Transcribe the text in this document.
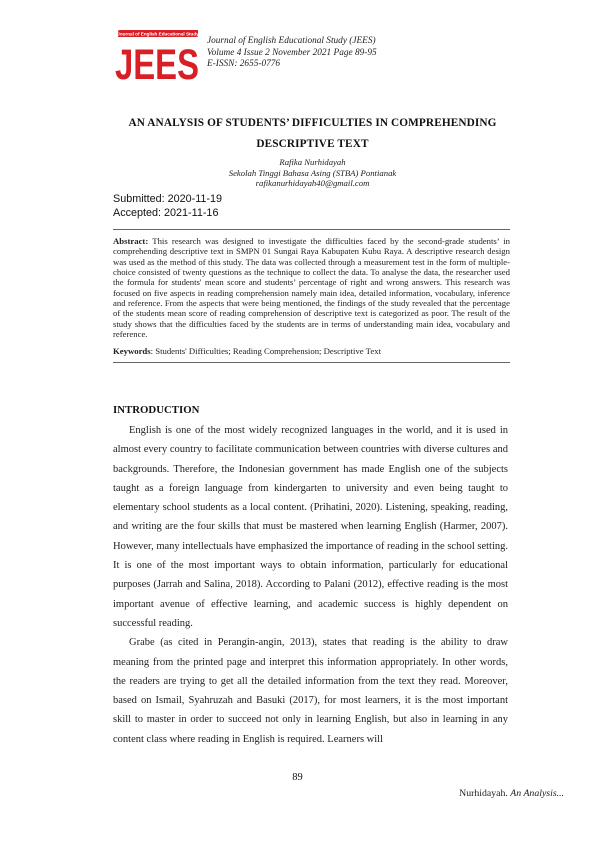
Journal of English Educational Study
JEES Journal of English Educational Study (JEES)
Volume 4 Issue 2 November 2021 Page 89-95
E-ISSN: 2655-0776
AN ANALYSIS OF STUDENTS’ DIFFICULTIES IN COMPREHENDING
DESCRIPTIVE TEXT
Rafika Nurhidayah
Sekolah Tinggi Bahasa Asing (STBA) Pontianak
rafikanurhidayah40@gmail.com
Submitted: 2020-11-19
Accepted: 2021-11-16

Abstract: This research was designed to investigate the difficulties faced by the second-grade students’ in comprehending descriptive text in SMPN 01 Sungai Raya Kabupaten Kubu Raya. A descriptive research design was used as the method of this study. The data was collected through a measurement test in the form of multiple-choice consisted of twenty questions as the technique to collect the data. To analyse the data, the researcher used the formula for students' mean score and students’ percentage of right and wrong answers. This research was focused on five aspects in reading comprehension namely main idea, detailed information, vocabulary, inference and reference. From the aspects that were being mentioned, the findings of the study revealed that the percentage of the students mean score of reading comprehension of descriptive text is categorized as poor. The result of the study shows that the difficulties faced by the students are in terms of understanding main idea, vocabulary and reference.

Keywords: Students' Difficulties; Reading Comprehension; Descriptive Text

INTRODUCTION

English is one of the most widely recognized languages in the world, and it is used in almost every country to facilitate communication between countries with diverse cultures and backgrounds. Therefore, the Indonesian government has made English one of the subjects taught as a foreign language from kindergarten to university and even being taught to elementary school students as a local content. (Prihatini, 2020). Listening, speaking, reading, and writing are the four skills that must be mastered when learning English (Harmer, 2007). However, many intellectuals have emphasized the importance of reading in the school setting. It is one of the most important ways to obtain information, particularly for educational purposes (Jarrah and Salina, 2018). According to Palani (2012), effective reading is the most important avenue of effective learning, and academic success is highly dependent on successful reading.

Grabe (as cited in Perangin-angin, 2013), states that reading is the ability to draw meaning from the printed page and interpret this information appropriately. In other words, the readers are trying to get all the detailed information from the text they read. Moreover, based on Ismail, Syahruzah and Basuki (2017), for most learners, it is the most important skill to master in order to succeed not only in learning English, but also in learning in any content class where reading in English is required. Learners will

89
Nurhidayah. An Analysis...
